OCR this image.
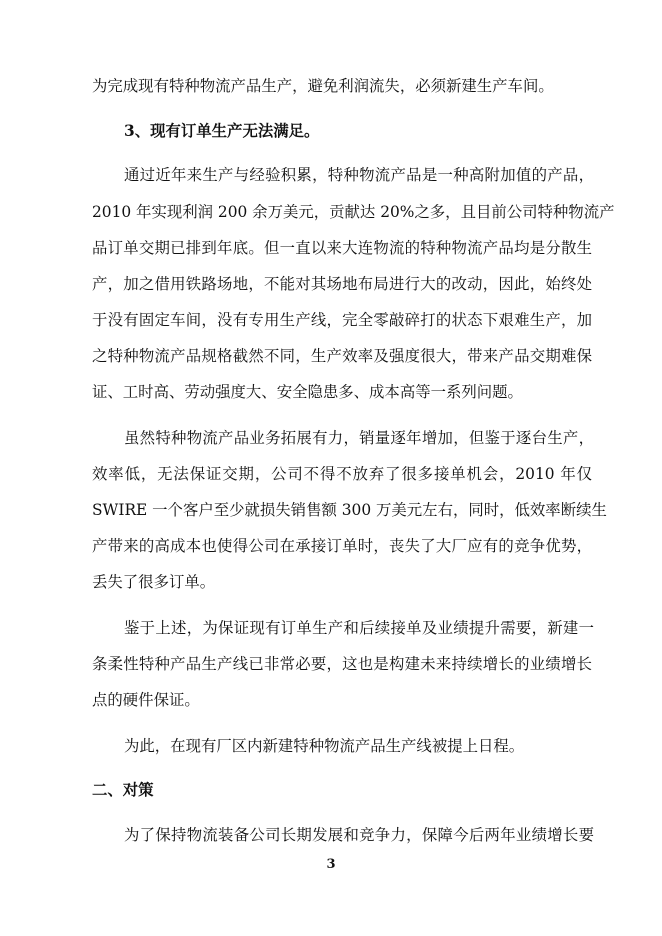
为完成现有特种物流产品生产，避免利润流失，必须新建生产车间。
3、现有订单生产无法满足。
通过近年来生产与经验积累，特种物流产品是一种高附加值的产品，
2010 年实现利润 200 余万美元，贡献达 20%之多，且目前公司特种物流产
品订单交期已排到年底。但一直以来大连物流的特种物流产品均是分散生
产，加之借用铁路场地，不能对其场地布局进行大的改动，因此，始终处
于没有固定车间，没有专用生产线，完全零敲碎打的状态下艰难生产，加
之特种物流产品规格截然不同，生产效率及强度很大，带来产品交期难保
证、工时高、劳动强度大、安全隐患多、成本高等一系列问题。
虽然特种物流产品业务拓展有力，销量逐年增加，但鉴于逐台生产，
效率低，无法保证交期，公司不得不放弃了很多接单机会，2010 年仅
SWIRE 一个客户至少就损失销售额 300 万美元左右，同时，低效率断续生
产带来的高成本也使得公司在承接订单时，丧失了大厂应有的竞争优势，
丢失了很多订单。
鉴于上述，为保证现有订单生产和后续接单及业绩提升需要，新建一
条柔性特种产品生产线已非常必要，这也是构建未来持续增长的业绩增长
点的硬件保证。
为此，在现有厂区内新建特种物流产品生产线被提上日程。
二、对策
为了保持物流装备公司长期发展和竞争力，保障今后两年业绩增长要
3
